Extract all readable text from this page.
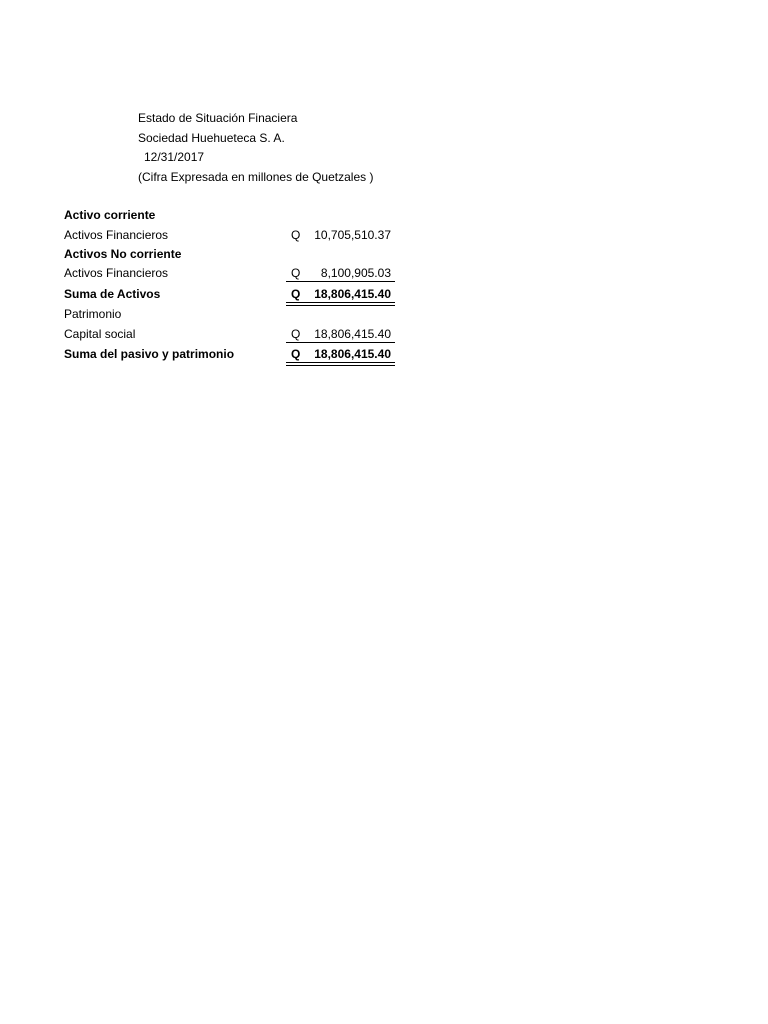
Estado de Situación Finaciera
Sociedad Huehueteca S. A.
12/31/2017
(Cifra Expresada en millones de Quetzales )
Activo corriente
Activos Financieros	Q 10,705,510.37
Activos No corriente
Activos Financieros	Q 8,100,905.03
Suma de Activos	Q 18,806,415.40
Patrimonio
Capital social	Q 18,806,415.40
Suma del pasivo y patrimonio	Q 18,806,415.40
